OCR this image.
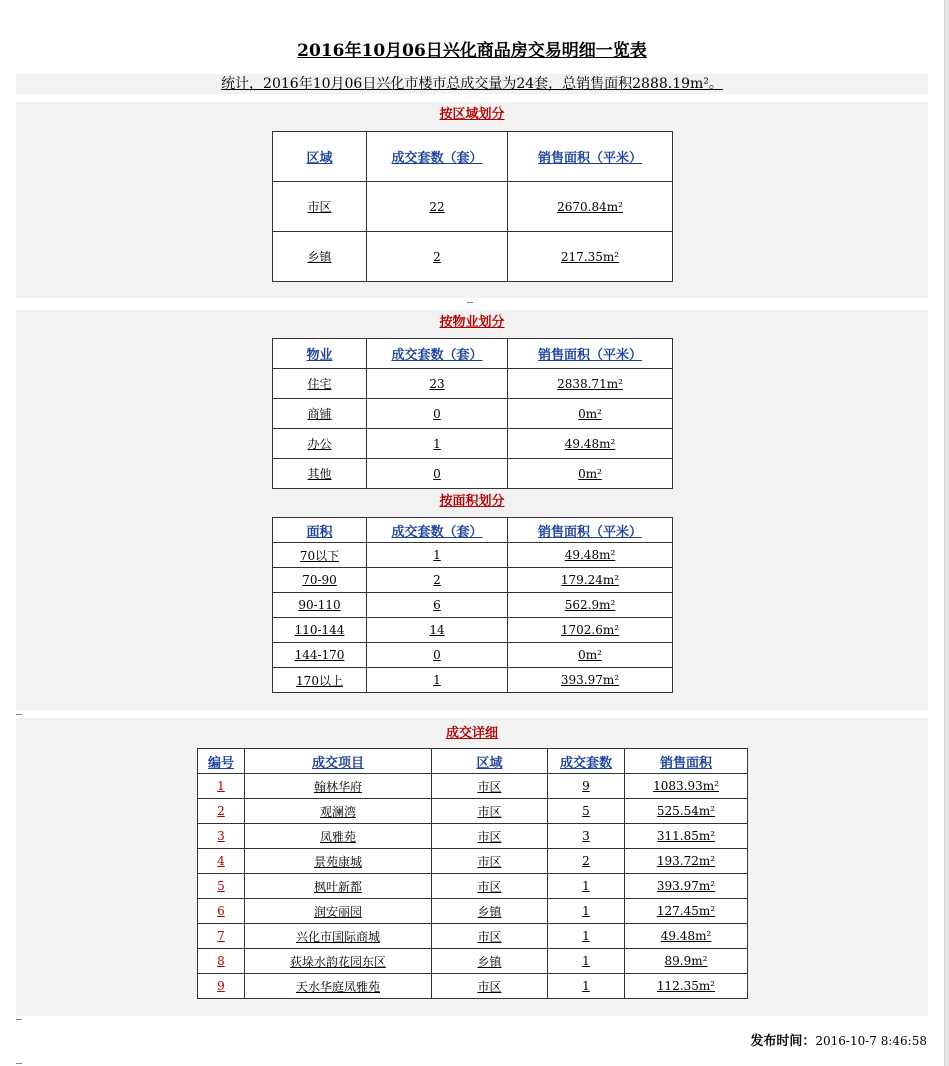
2016年10月06日兴化商品房交易明细一览表
统计，2016年10月06日兴化市楼市总成交量为24套，总销售面积2888.19m²。
按区域划分
区域	成交套数（套）	销售面积（平米）
市区	22	2670.84m²
乡镇	2	217.35m²
_
按物业划分
物业	成交套数（套）	销售面积（平米）
住宅	23	2838.71m²
商铺	0	0m²
办公	1	49.48m²
其他	0	0m²
按面积划分
面积	成交套数（套）	销售面积（平米）
70以下	1	49.48m²
70-90	2	179.24m²
90-110	6	562.9m²
110-144	14	1702.6m²
144-170	0	0m²
170以上	1	393.97m²
_
成交详细
编号	成交项目	区域	成交套数	销售面积
1	翰林华府	市区	9	1083.93m²
2	观澜湾	市区	5	525.54m²
3	凤雅苑	市区	3	311.85m²
4	景苑康城	市区	2	193.72m²
5	枫叶新都	市区	1	393.97m²
6	润安丽园	乡镇	1	127.45m²
7	兴化市国际商城	市区	1	49.48m²
8	荻垛水韵花园东区	乡镇	1	89.9m²
9	天水华庭凤雅苑	市区	1	112.35m²
_
发布时间：2016-10-7 8:46:58
_
